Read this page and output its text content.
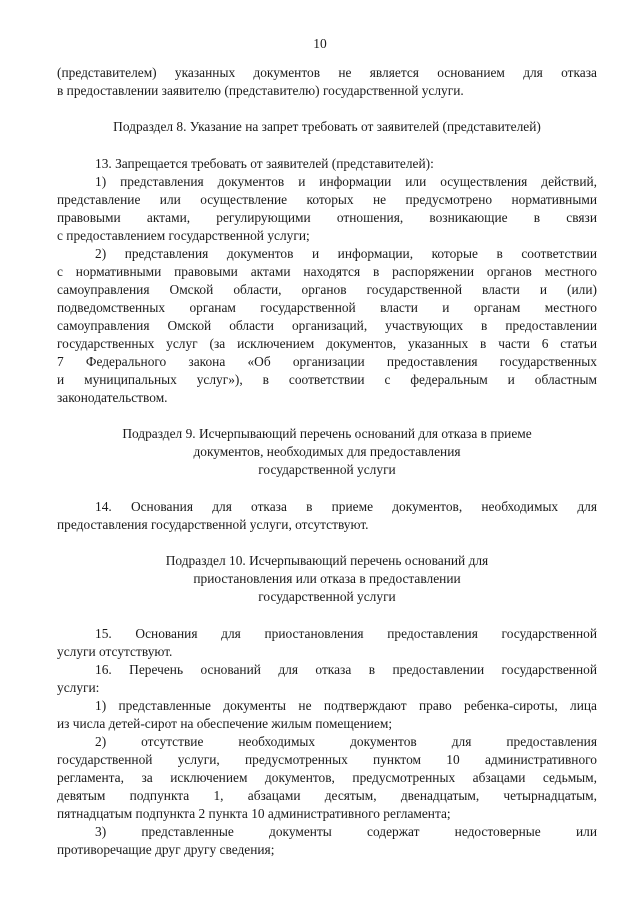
10
(представителем) указанных документов не является основанием для отказа
в предоставлении заявителю (представителю) государственной услуги.
Подраздел 8. Указание на запрет требовать от заявителей (представителей)
13. Запрещается требовать от заявителей (представителей):
1) представления документов и информации или осуществления действий,
представление или осуществление которых не предусмотрено нормативными
правовыми актами, регулирующими отношения, возникающие в связи
с предоставлением государственной услуги;
2) представления документов и информации, которые в соответствии
с нормативными правовыми актами находятся в распоряжении органов местного
самоуправления Омской области, органов государственной власти и (или)
подведомственных органам государственной власти и органам местного
самоуправления Омской области организаций, участвующих в предоставлении
государственных услуг (за исключением документов, указанных в части 6 статьи
7 Федерального закона «Об организации предоставления государственных
и муниципальных услуг»), в соответствии с федеральным и областным
законодательством.
Подраздел 9. Исчерпывающий перечень оснований для отказа в приеме
документов, необходимых для предоставления
государственной услуги
14. Основания для отказа в приеме документов, необходимых для
предоставления государственной услуги, отсутствуют.
Подраздел 10. Исчерпывающий перечень оснований для
приостановления или отказа в предоставлении
государственной услуги
15. Основания для приостановления предоставления государственной
услуги отсутствуют.
16. Перечень оснований для отказа в предоставлении государственной
услуги:
1) представленные документы не подтверждают право ребенка-сироты, лица
из числа детей-сирот на обеспечение жилым помещением;
2) отсутствие необходимых документов для предоставления
государственной услуги, предусмотренных пунктом 10 административного
регламента, за исключением документов, предусмотренных абзацами седьмым,
девятым подпункта 1, абзацами десятым, двенадцатым, четырнадцатым,
пятнадцатым подпункта 2 пункта 10 административного регламента;
3) представленные документы содержат недостоверные или
противоречащие друг другу сведения;
